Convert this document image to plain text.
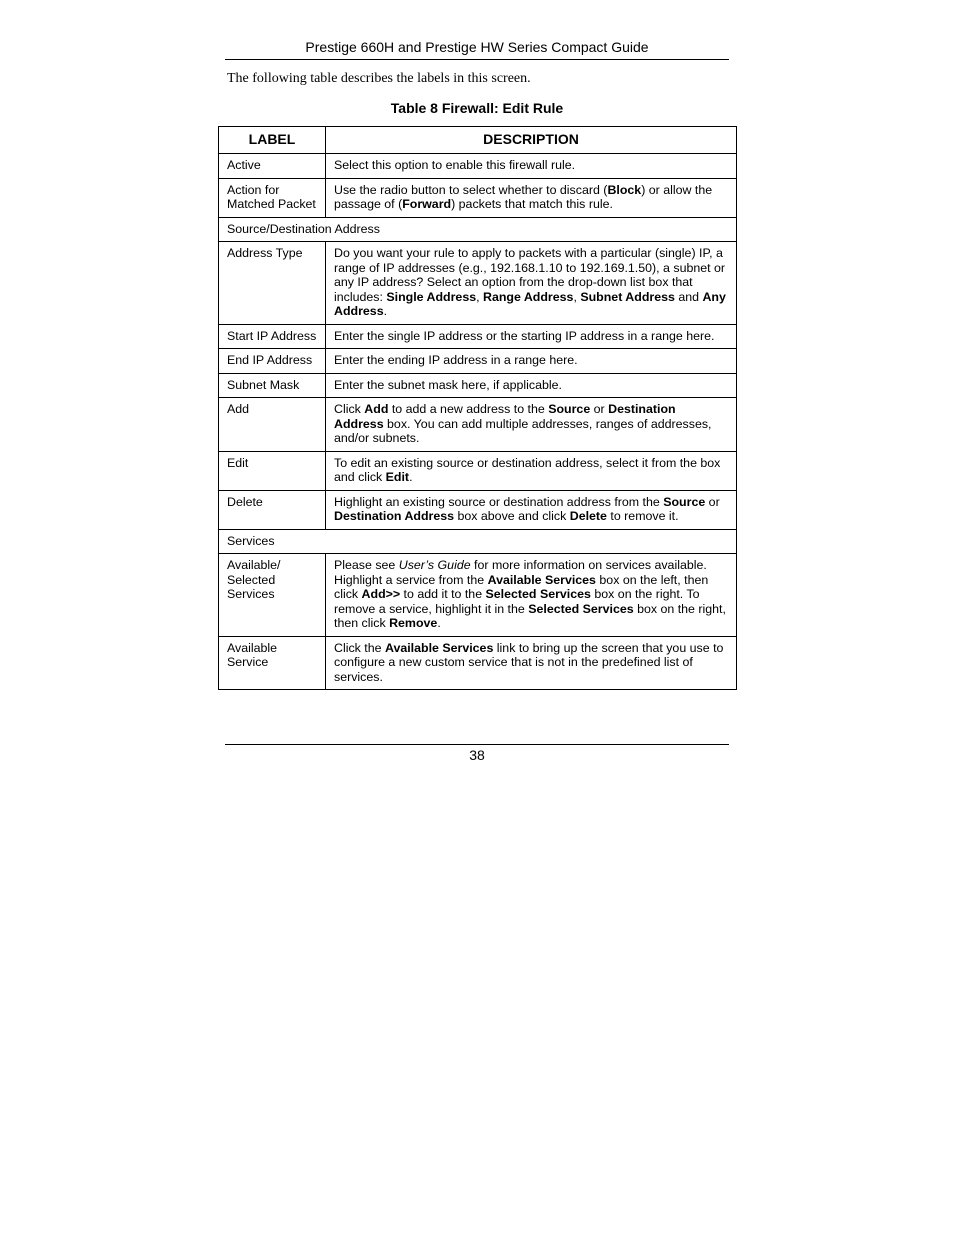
Prestige 660H and Prestige HW Series Compact Guide
The following table describes the labels in this screen.
Table 8 Firewall: Edit Rule
LABEL	DESCRIPTION
Active	Select this option to enable this firewall rule.
Action for Matched Packet	Use the radio button to select whether to discard (Block) or allow the passage of (Forward) packets that match this rule.
Source/Destination Address	
Address Type	Do you want your rule to apply to packets with a particular (single) IP, a range of IP addresses (e.g., 192.168.1.10 to 192.169.1.50), a subnet or any IP address? Select an option from the drop-down list box that includes: Single Address, Range Address, Subnet Address and Any Address.
Start IP Address	Enter the single IP address or the starting IP address in a range here.
End IP Address	Enter the ending IP address in a range here.
Subnet Mask	Enter the subnet mask here, if applicable.
Add	Click Add to add a new address to the Source or Destination Address box. You can add multiple addresses, ranges of addresses, and/or subnets.
Edit	To edit an existing source or destination address, select it from the box and click Edit.
Delete	Highlight an existing source or destination address from the Source or Destination Address box above and click Delete to remove it.
Services	
Available/ Selected Services	Please see User’s Guide for more information on services available. Highlight a service from the Available Services box on the left, then click Add>> to add it to the Selected Services box on the right. To remove a service, highlight it in the Selected Services box on the right, then click Remove.
Available Service	Click the Available Services link to bring up the screen that you use to configure a new custom service that is not in the predefined list of services.
38
